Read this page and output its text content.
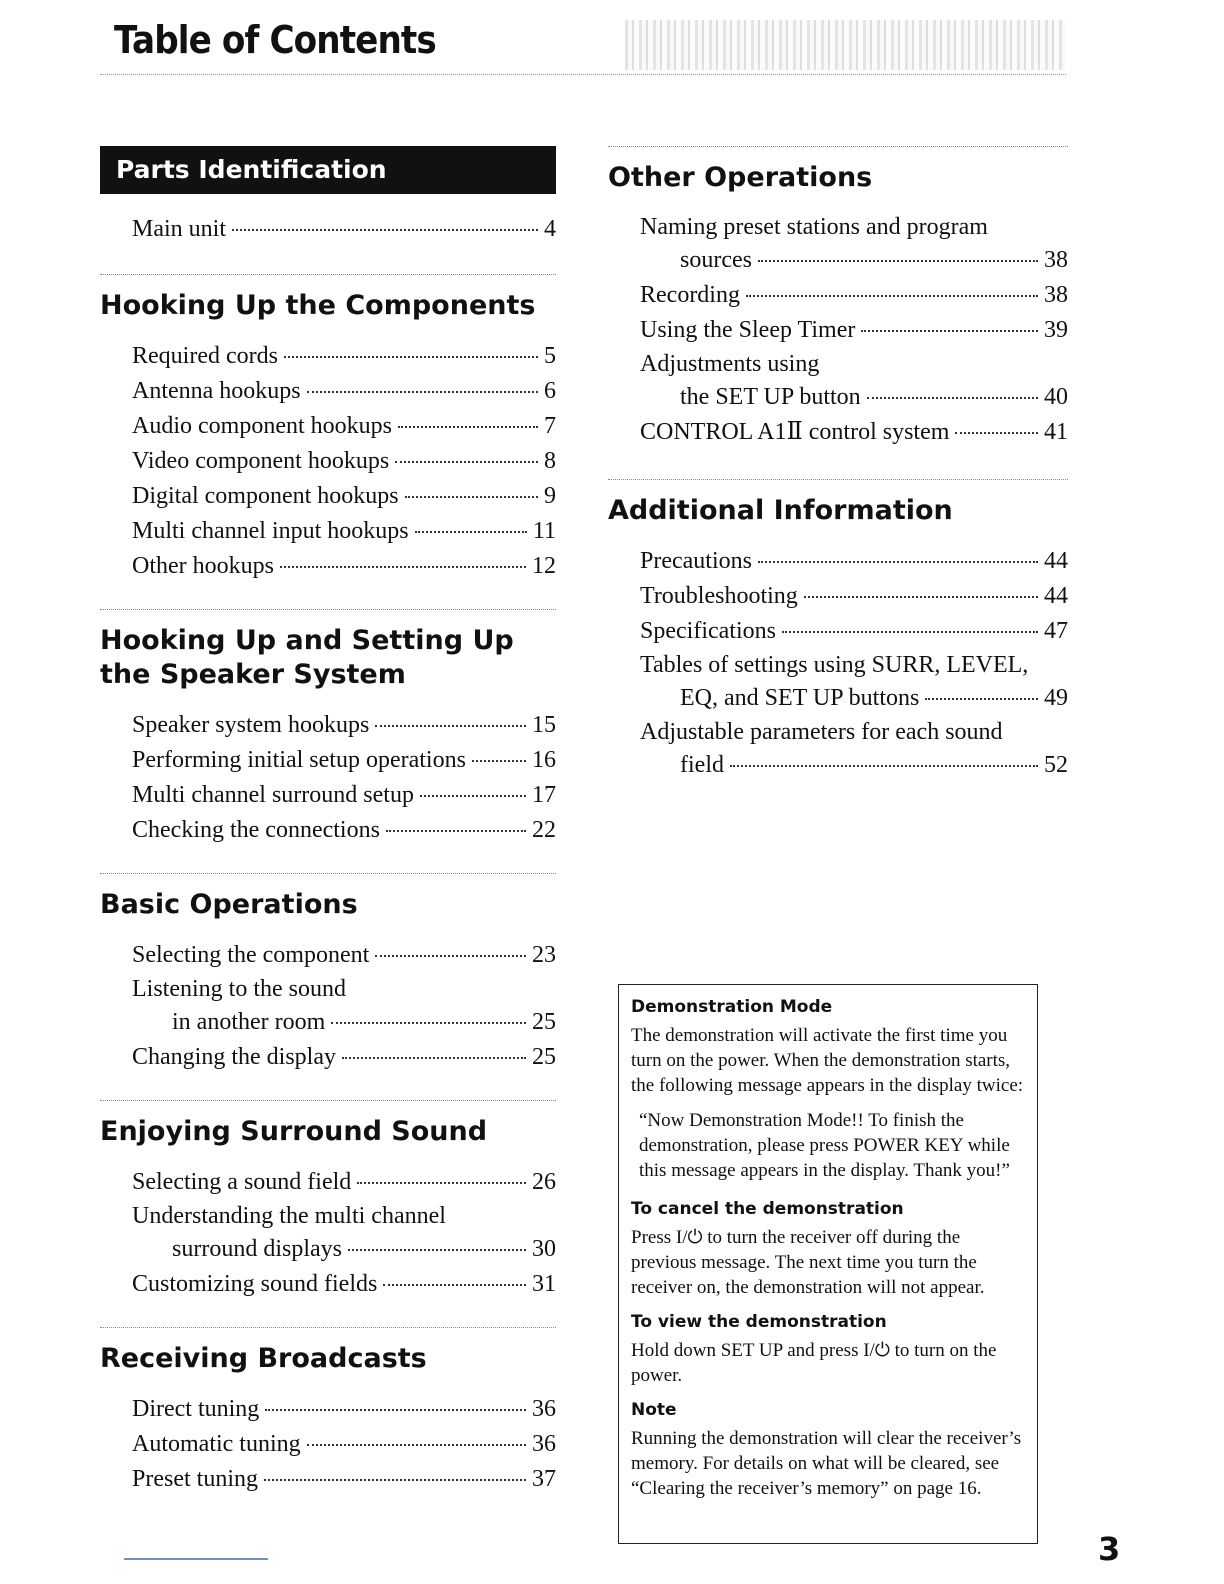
Table of Contents
Parts Identification
Main unit	4
Hooking Up the Components
Required cords	5
Antenna hookups	6
Audio component hookups	7
Video component hookups	8
Digital component hookups	9
Multi channel input hookups	11
Other hookups	12
Hooking Up and Setting Up the Speaker System
Speaker system hookups	15
Performing initial setup operations	16
Multi channel surround setup	17
Checking the connections	22
Basic Operations
Selecting the component	23
Listening to the sound
in another room	25
Changing the display	25
Enjoying Surround Sound
Selecting a sound field	26
Understanding the multi channel
surround displays	30
Customizing sound fields	31
Receiving Broadcasts
Direct tuning	36
Automatic tuning	36
Preset tuning	37
Other Operations
Naming preset stations and program
sources	38
Recording	38
Using the Sleep Timer	39
Adjustments using
the SET UP button	40
CONTROL A1Ⅱ control system	41
Additional Information
Precautions	44
Troubleshooting	44
Specifications	47
Tables of settings using SURR, LEVEL,
EQ, and SET UP buttons	49
Adjustable parameters for each sound
field	52
Demonstration Mode

The demonstration will activate the first time you turn on the power. When the demonstration starts, the following message appears in the display twice:

“Now Demonstration Mode!! To finish the demonstration, please press POWER KEY while this message appears in the display. Thank you!”

To cancel the demonstration

Press I/⏻ to turn the receiver off during the previous message. The next time you turn the receiver on, the demonstration will not appear.

To view the demonstration

Hold down SET UP and press I/⏻ to turn on the power.

Note

Running the demonstration will clear the receiver’s memory. For details on what will be cleared, see “Clearing the receiver’s memory” on page 16.

3
